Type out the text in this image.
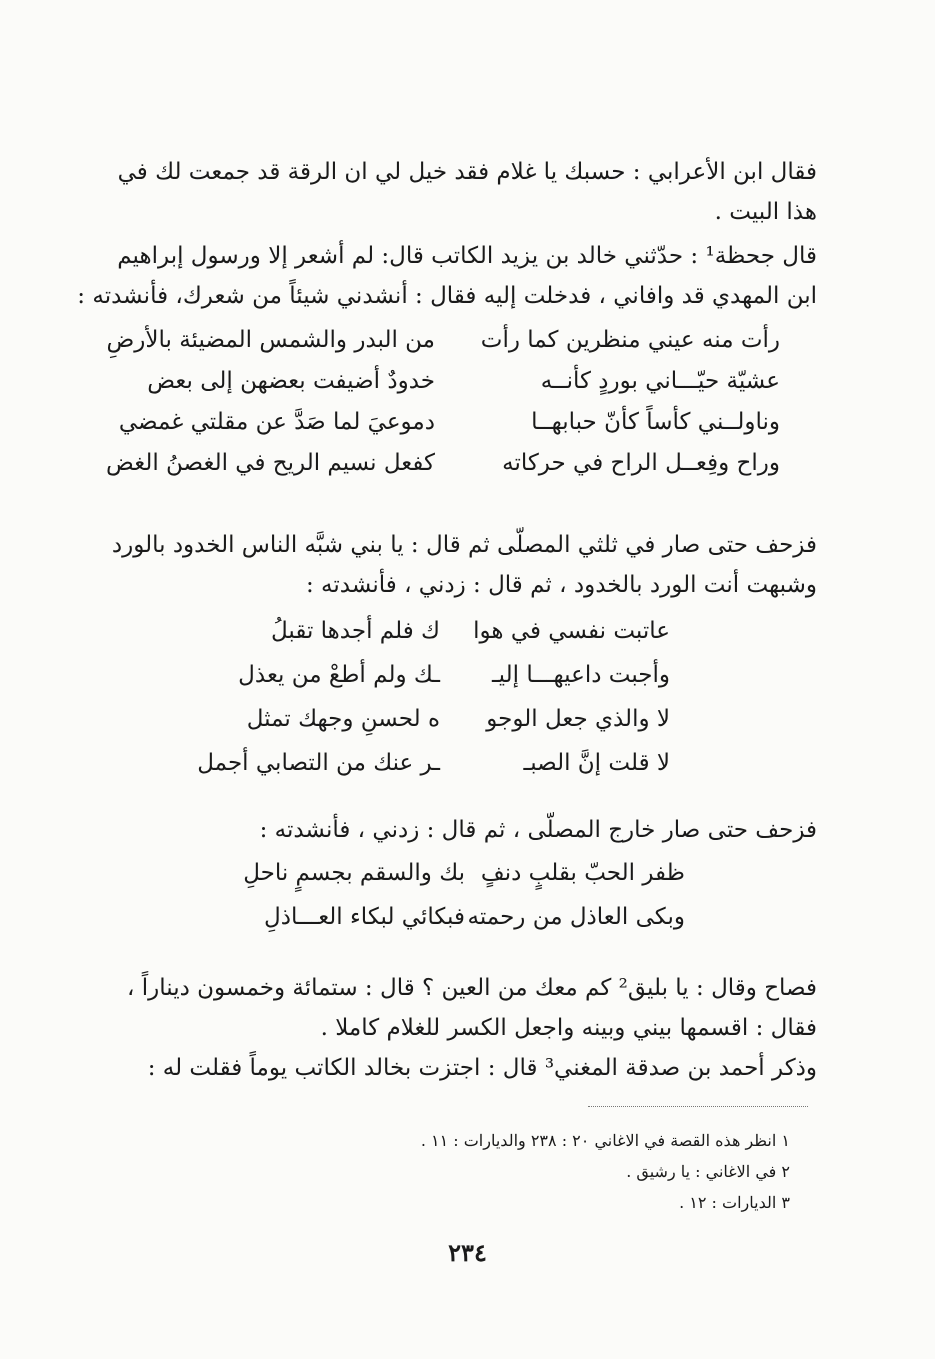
فقال ابن الأعرابي : حسبك يا غلام فقد خيل لي ان الرقة قد جمعت لك في
هذا البيت .
قال جحظة¹ : حدّثني خالد بن يزيد الكاتب قال: لم أشعر إلا ورسول إبراهيم
ابن المهدي قد وافاني ، فدخلت إليه فقال : أنشدني شيئاً من شعرك، فأنشدته :
رأت منه عيني منظرين كما رأت
من البدر والشمس المضيئة بالأرضِ
عشيّة حيّـــاني بوردٍ كأنــه
خدودٌ أضيفت بعضهن إلى بعض
وناولــني كأساً كأنّ حبابهــا
دموعيَ لما صَدَّ عن مقلتي غمضي
وراح وفِعــل الراح في حركاته
كفعل نسيم الريح في الغصنُ الغض
فزحف حتى صار في ثلثي المصلّى ثم قال : يا بني شبَّه الناس الخدود بالورد
وشبهت أنت الورد بالخدود ، ثم قال : زدني ، فأنشدته :
عاتبت نفسي في هوا
ك فلم أجدها تقبلُ
وأجبت داعيهـــا إليـ
ـك ولم أطعْ من يعذل
لا والذي جعل الوجو
ه لحسنِ وجهك تمثل
لا قلت إنَّ الصبـ
ـر عنك من التصابي أجمل
فزحف حتى صار خارج المصلّى ، ثم قال : زدني ، فأنشدته :
ظفر الحبّ بقلبٍ دنفٍ
بك والسقم بجسمٍ ناحلِ
وبكى العاذل من رحمته
فبكائي لبكاء العـــاذلِ
فصاح وقال : يا بليق² كم معك من العين ؟ قال : ستمائة وخمسون ديناراً ،
فقال : اقسمها بيني وبينه واجعل الكسر للغلام كاملا .
وذكر أحمد بن صدقة المغني³ قال : اجتزت بخالد الكاتب يوماً فقلت له :
١ انظر هذه القصة في الاغاني ٢٠ : ٢٣٨ والديارات : ١١ .
٢ في الاغاني : يا رشيق .
٣ الديارات : ١٢ .
٢٣٤
